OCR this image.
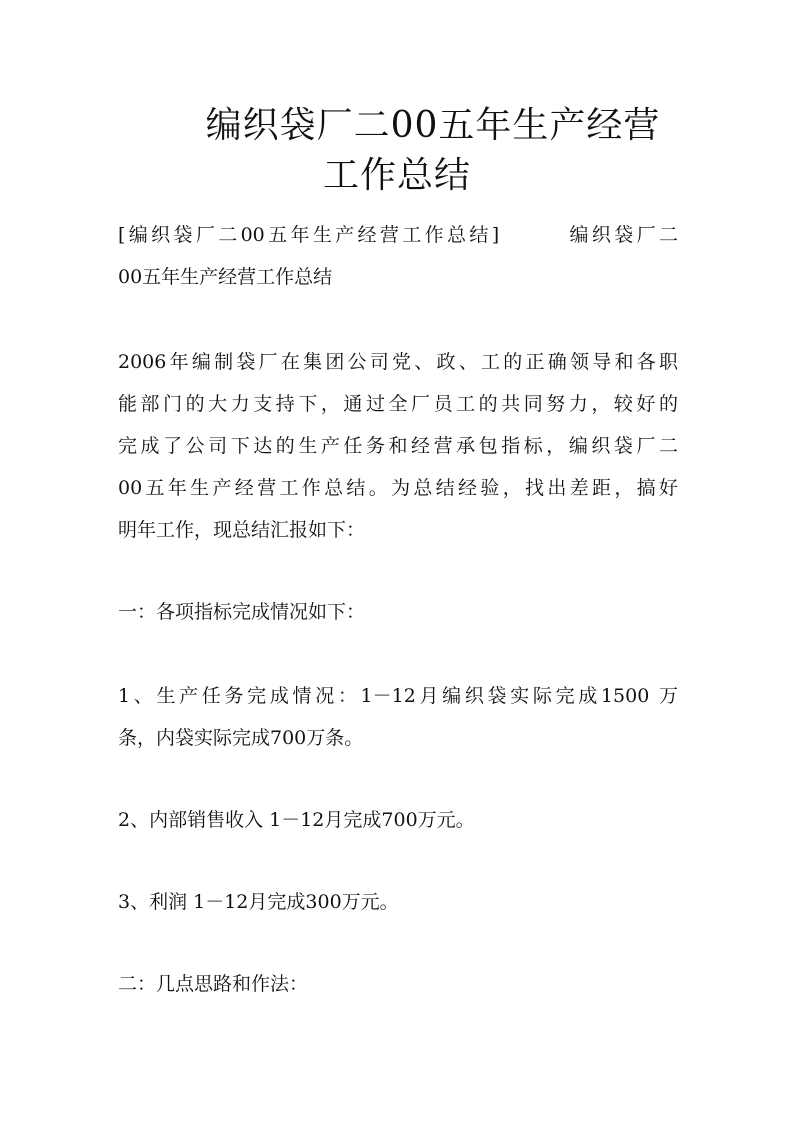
编织袋厂二00五年生产经营
工作总结
[编织袋厂二00五年生产经营工作总结]　　　编织袋厂二
00五年生产经营工作总结
2006年编制袋厂在集团公司党、政、工的正确领导和各职
能部门的大力支持下，通过全厂员工的共同努力，较好的
完成了公司下达的生产任务和经营承包指标，编织袋厂二
00五年生产经营工作总结。为总结经验，找出差距，搞好
明年工作，现总结汇报如下：
一：各项指标完成情况如下：
1、生产任务完成情况：1－12月编织袋实际完成1500 万
条，内袋实际完成700万条。
2、内部销售收入 1－12月完成700万元。
3、利润 1－12月完成300万元。
二：几点思路和作法：
